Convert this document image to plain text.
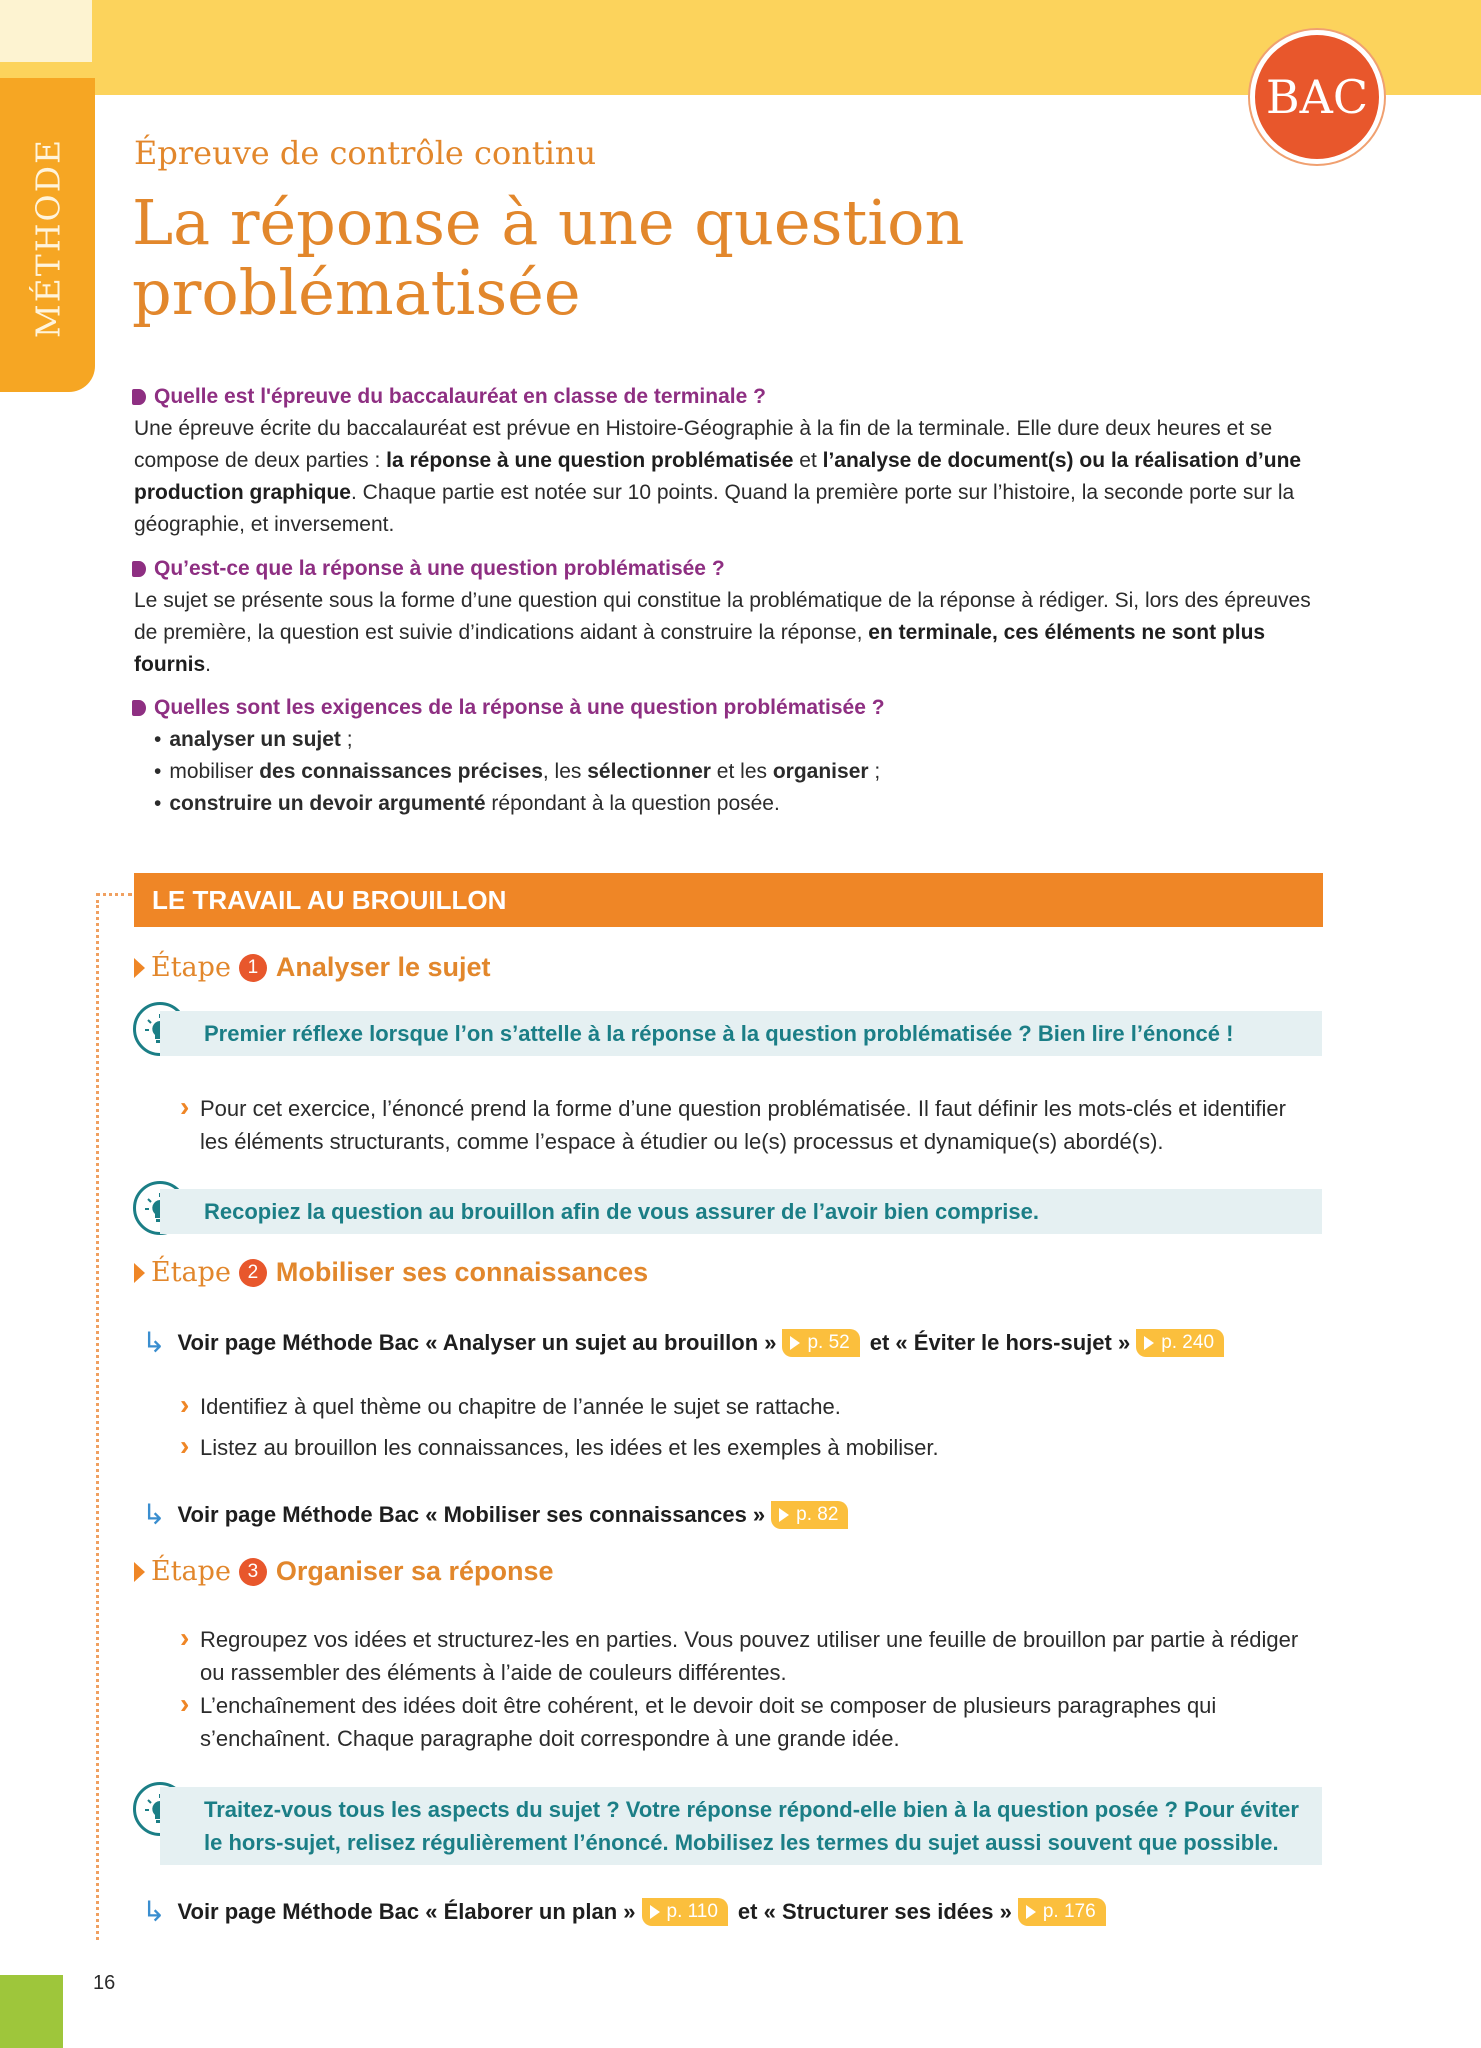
MÉTHODE
BAC
Épreuve de contrôle continu
La réponse à une question problématisée
Quelle est l'épreuve du baccalauréat en classe de terminale ?

Une épreuve écrite du baccalauréat est prévue en Histoire-Géographie à la fin de la terminale. Elle dure deux heures et se compose de deux parties : la réponse à une question problématisée et l’analyse de document(s) ou la réalisation d’une production graphique. Chaque partie est notée sur 10 points. Quand la première porte sur l’histoire, la seconde porte sur la géographie, et inversement.

Qu’est-ce que la réponse à une question problématisée ?

Le sujet se présente sous la forme d’une question qui constitue la problématique de la réponse à rédiger. Si, lors des épreuves de première, la question est suivie d’indications aidant à construire la réponse, en terminale, ces éléments ne sont plus fournis.

Quelles sont les exigences de la réponse à une question problématisée ?
• analyser un sujet ;
• mobiliser des connaissances précises, les sélectionner et les organiser ;
• construire un devoir argumenté répondant à la question posée.
LE TRAVAIL AU BROUILLON
Étape 1 Analyser le sujet
Premier réflexe lorsque l’on s’attelle à la réponse à la question problématisée ? Bien lire l’énoncé !
› Pour cet exercice, l’énoncé prend la forme d’une question problématisée. Il faut définir les mots-clés et identifier les éléments structurants, comme l’espace à étudier ou le(s) processus et dynamique(s) abordé(s).
Recopiez la question au brouillon afin de vous assurer de l’avoir bien comprise.
Étape 2 Mobiliser ses connaissances
↳ Voir page Méthode Bac « Analyser un sujet au brouillon » p. 52 et « Éviter le hors-sujet » p. 240
› Identifiez à quel thème ou chapitre de l’année le sujet se rattache.
› Listez au brouillon les connaissances, les idées et les exemples à mobiliser.
↳ Voir page Méthode Bac « Mobiliser ses connaissances » p. 82
Étape 3 Organiser sa réponse
› Regroupez vos idées et structurez-les en parties. Vous pouvez utiliser une feuille de brouillon par partie à rédiger ou rassembler des éléments à l’aide de couleurs différentes.
› L’enchaînement des idées doit être cohérent, et le devoir doit se composer de plusieurs paragraphes qui s’enchaînent. Chaque paragraphe doit correspondre à une grande idée.
Traitez-vous tous les aspects du sujet ? Votre réponse répond-elle bien à la question posée ? Pour éviter le hors-sujet, relisez régulièrement l’énoncé. Mobilisez les termes du sujet aussi souvent que possible.
↳ Voir page Méthode Bac « Élaborer un plan » p. 110 et « Structurer ses idées » p. 176
16
